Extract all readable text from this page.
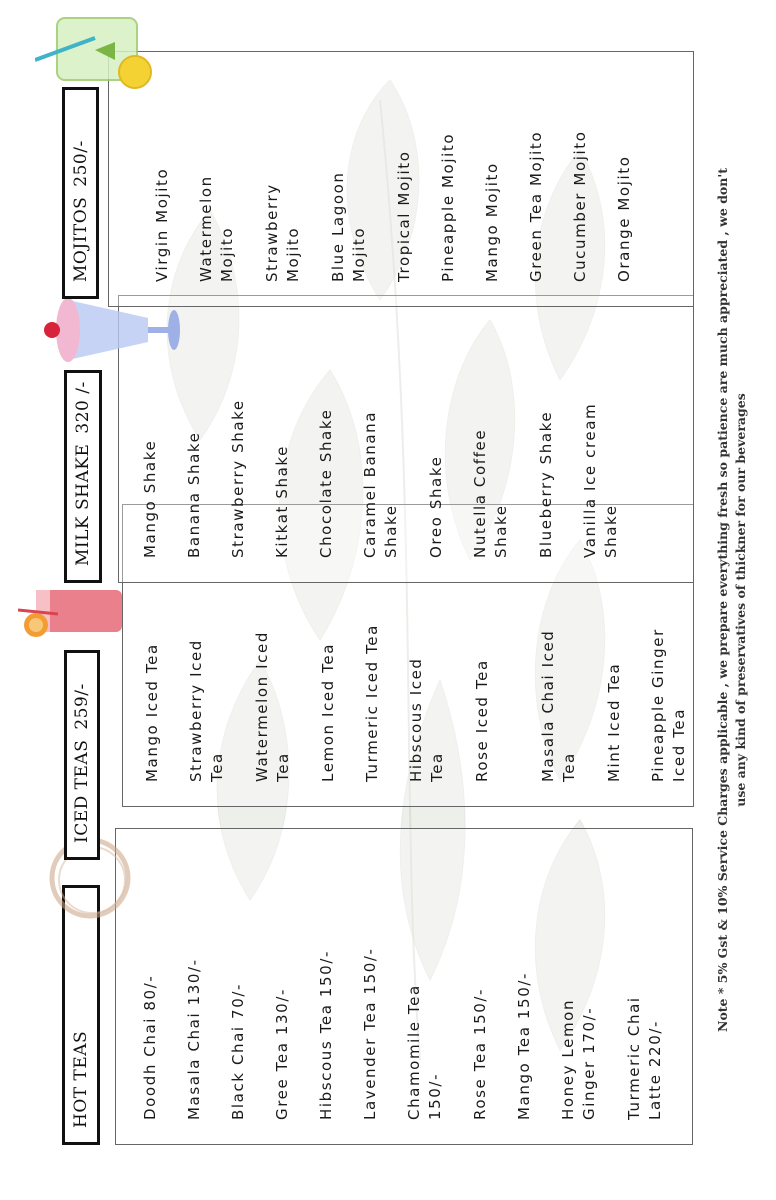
HOT TEAS	Doodh Chai 80/- Masala Chai 130/- Black Chai 70/- Gree Tea 130/- Hibscous Tea 150/- Lavender Tea 150/- Chamomile Tea 150/- Rose Tea 150/- Mango Tea 150/- Honey Lemon Ginger 170/- Turmeric Chai Latte 220/-
ICED TEAS
259/-	Mango Iced Tea Strawberry Iced Tea Watermelon Iced Tea Lemon Iced Tea Turmeric Iced Tea Hibscous Iced Tea Rose Iced Tea	Masala Chai Iced Tea Mint Iced Tea Pineapple Ginger Iced Tea
MILK SHAKE
320 /-
Mango Shake Banana Shake Strawberry Shake Kitkat Shake Chocolate Shake Caramel Banana Shake Oreo Shake Nutella Coffee Shake Blueberry Shake Vanilla Ice cream Shake
MOJITOS
250/-
Virgin Mojito Watermelon Mojito Strawberry Mojito Blue Lagoon Mojito Tropical Mojito Pineapple Mojito Mango Mojito Green Tea Mojito Cucumber Mojito Orange Mojito	Note * 5% Gst & 10% Service Charges applicable , we prepare everything fresh so patience are much appreciated , we don't use any kind of preservatives of thickner for our beverages
